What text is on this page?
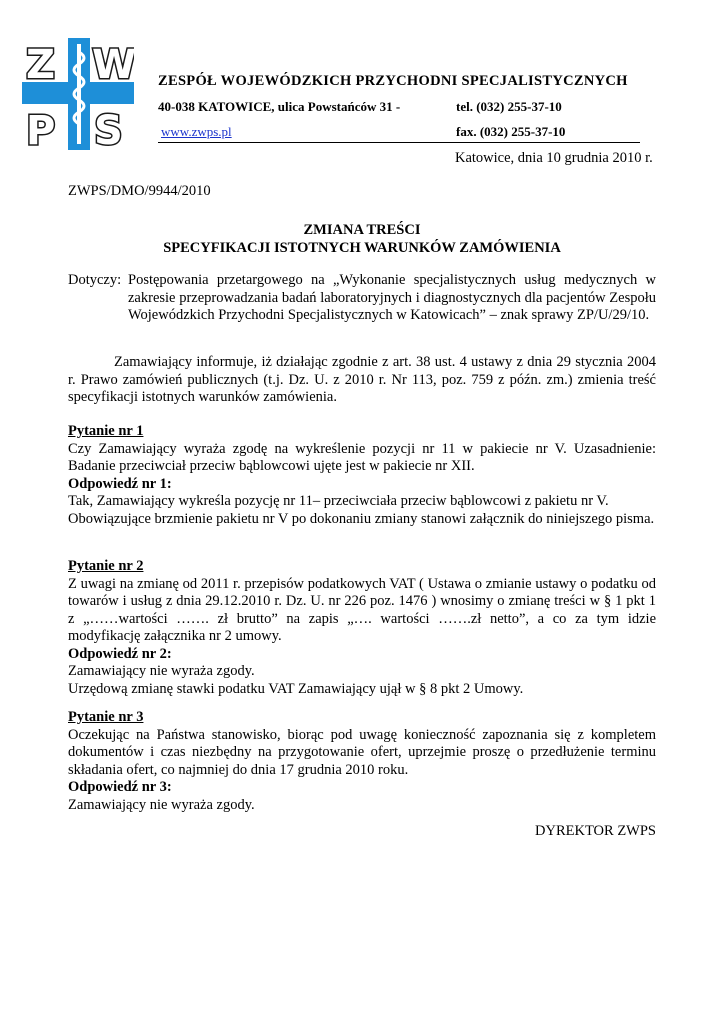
Z W
P S
ZESPÓŁ WOJEWÓDZKICH PRZYCHODNI SPECJALISTYCZNYCH
40-038 KATOWICE, ulica Powstańców 31 -	tel. (032) 255-37-10
www.zwps.pl	fax. (032) 255-37-10
Katowice, dnia 10 grudnia 2010 r.
ZWPS/DMO/9944/2010
ZMIANA TREŚCI
SPECYFIKACJI ISTOTNYCH WARUNKÓW ZAMÓWIENIA
Dotyczy: Postępowania przetargowego na „Wykonanie specjalistycznych usług medycznych w zakresie przeprowadzania badań laboratoryjnych i diagnostycznych dla pacjentów Zespołu Wojewódzkich Przychodni Specjalistycznych w Katowicach” – znak sprawy ZP/U/29/10.
Zamawiający informuje, iż działając zgodnie z art. 38 ust. 4 ustawy z dnia 29 stycznia 2004 r. Prawo zamówień publicznych (t.j. Dz. U. z 2010 r. Nr 113, poz. 759 z późn. zm.) zmienia treść specyfikacji istotnych warunków zamówienia.
Pytanie nr 1
Czy Zamawiający wyraża zgodę na wykreślenie pozycji nr 11 w pakiecie nr V. Uzasadnienie: Badanie przeciwciał przeciw bąblowcowi ujęte jest w pakiecie nr XII.
Odpowiedź nr 1:
Tak, Zamawiający wykreśla pozycję nr 11– przeciwciała przeciw bąblowcowi z pakietu nr V.
Obowiązujące brzmienie pakietu nr V po dokonaniu zmiany stanowi załącznik do niniejszego pisma.
Pytanie nr 2
Z uwagi na zmianę od 2011 r. przepisów podatkowych VAT ( Ustawa o zmianie ustawy o podatku od towarów i usług z dnia 29.12.2010 r. Dz. U. nr 226 poz. 1476 ) wnosimy o zmianę treści w § 1 pkt 1 z „……wartości ……. zł brutto” na zapis „…. wartości …….zł netto”, a co za tym idzie modyfikację załącznika nr 2 umowy.
Odpowiedź nr 2:
Zamawiający nie wyraża zgody.
Urzędową zmianę stawki podatku VAT Zamawiający ujął w § 8 pkt 2 Umowy.
Pytanie nr 3
Oczekując na Państwa stanowisko, biorąc pod uwagę konieczność zapoznania się z kompletem dokumentów i czas niezbędny na przygotowanie ofert, uprzejmie proszę o przedłużenie terminu składania ofert, co najmniej do dnia 17 grudnia 2010 roku.
Odpowiedź nr 3:
Zamawiający nie wyraża zgody.
DYREKTOR ZWPS
